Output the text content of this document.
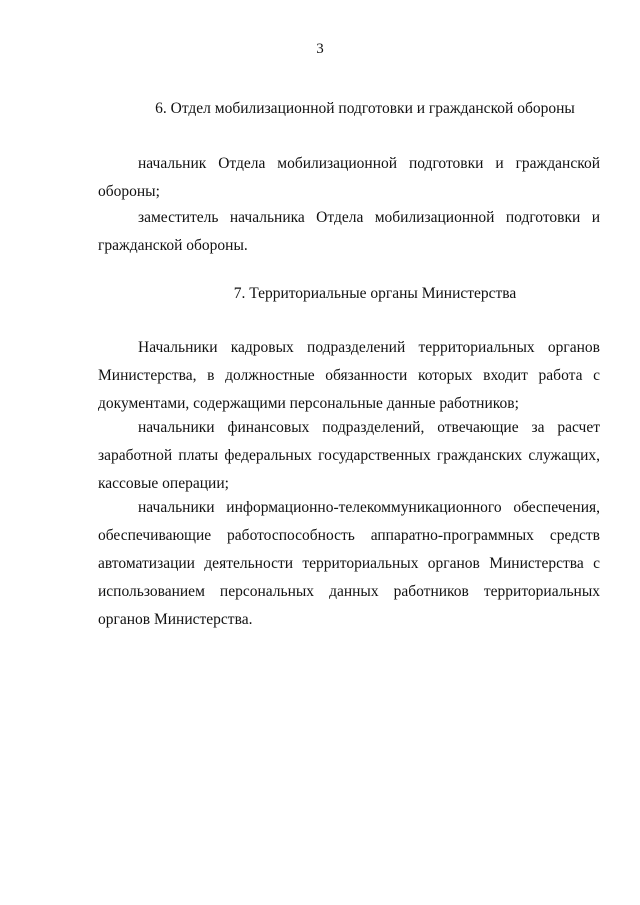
3
6. Отдел мобилизационной подготовки и гражданской обороны

начальник Отдела мобилизационной подготовки и гражданской обороны;

заместитель начальника Отдела мобилизационной подготовки и гражданской обороны.

7. Территориальные органы Министерства

Начальники кадровых подразделений территориальных органов Министерства, в должностные обязанности которых входит работа с документами, содержащими персональные данные работников;

начальники финансовых подразделений, отвечающие за расчет заработной платы федеральных государственных гражданских служащих, кассовые операции;

начальники информационно-телекоммуникационного обеспечения, обеспечивающие работоспособность аппаратно-программных средств автоматизации деятельности территориальных органов Министерства с использованием персональных данных работников территориальных органов Министерства.
